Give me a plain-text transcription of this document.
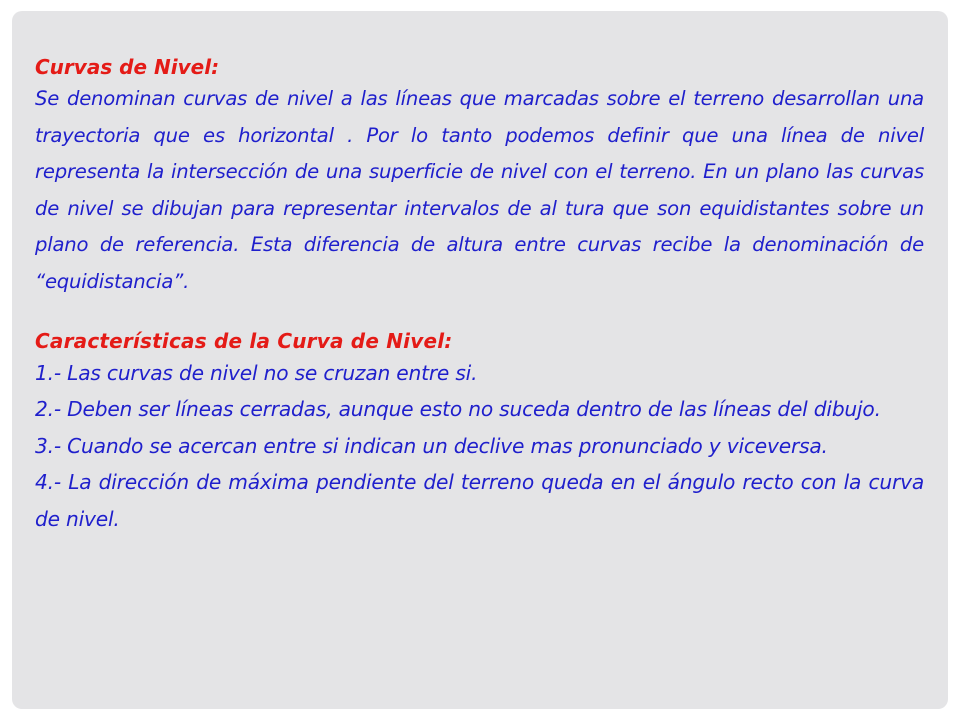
Curvas de Nivel:

Se denominan curvas de nivel a las líneas que marcadas sobre el terreno desarrollan una trayectoria que es horizontal . Por lo tanto podemos definir que una línea de nivel representa la intersección de una superficie de nivel con el terreno. En un plano las curvas de nivel se dibujan para representar intervalos de al tura que son equidistantes sobre un plano de referencia. Esta diferencia de altura entre curvas recibe la denominación de “equidistancia”.

Características de la Curva de Nivel:
1.- Las curvas de nivel no se cruzan entre si.
2.- Deben ser líneas cerradas, aunque esto no suceda dentro de las líneas del dibujo.
3.- Cuando se acercan entre si indican un declive mas pronunciado y viceversa.
4.- La dirección de máxima pendiente del terreno queda en el ángulo recto con la curva de nivel.
